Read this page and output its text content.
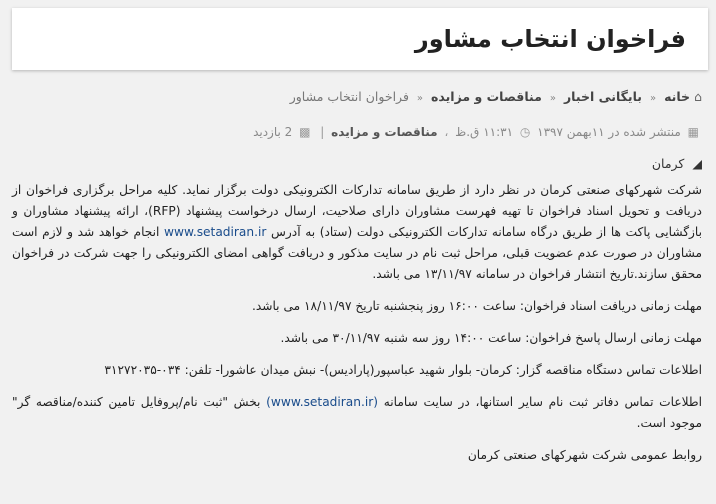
فراخوان انتخاب مشاور
⌂ خانه « بایگانی اخبار « مناقصات و مزایده « فراخوان انتخاب مشاور
▦ منتشر شده در ۱۱بهمن ۱۳۹۷ ◷ ۱۱:۳۱ ق.ظ ، مناقصات و مزایده | ▩ 2 بازدید
◢ کرمان

شرکت شهرکهای صنعتی کرمان در نظر دارد از طریق سامانه تدارکات الکترونیکی دولت برگزار نماید. کلیه مراحل برگزاری فراخوان از دریافت و تحویل اسناد فراخوان تا تهیه فهرست مشاوران دارای صلاحیت، ارسال درخواست پیشنهاد (RFP)، ارائه پیشنهاد مشاوران و بازگشایی پاکت ها از طریق درگاه سامانه تدارکات الکترونیکی دولت (ستاد) به آدرس www.setadiran.ir انجام خواهد شد و لازم است مشاوران در صورت عدم عضویت قبلی، مراحل ثبت نام در سایت مذکور و دریافت گواهی امضای الکترونیکی را جهت شرکت در فراخوان محقق سازند.تاریخ انتشار فراخوان در سامانه ۱۳/۱۱/۹۷ می باشد.

مهلت زمانی دریافت اسناد فراخوان: ساعت ۱۶:۰۰ روز پنجشنبه تاریخ ۱۸/۱۱/۹۷ می باشد.

مهلت زمانی ارسال پاسخ فراخوان: ساعت ۱۴:۰۰ روز سه شنبه ۳۰/۱۱/۹۷ می باشد.

اطلاعات تماس دستگاه مناقصه گزار: کرمان- بلوار شهید عباسپور(پارادیس)- نبش میدان عاشورا- تلفن: ۰۳۴-۳۱۲۷۲۰۳۵

اطلاعات تماس دفاتر ثبت نام سایر استانها، در سایت سامانه (www.setadiran.ir) بخش "ثبت نام/پروفایل تامین کننده/مناقصه گر" موجود است.

روابط عمومی شرکت شهرکهای صنعتی کرمان
